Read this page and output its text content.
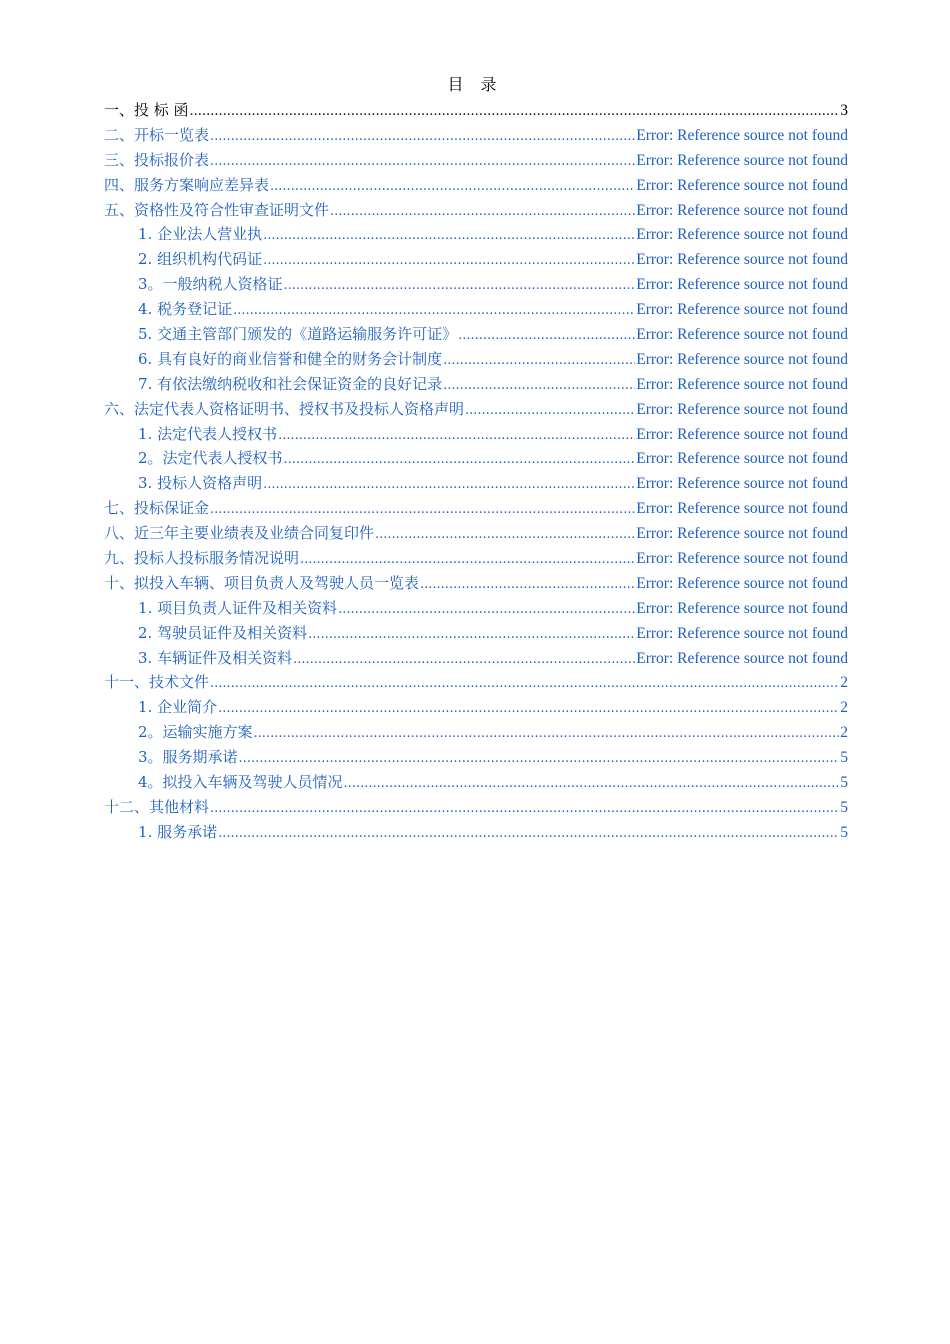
目 录
一、投 标 函 .....	3
二、开标一览表 .....	Error: Reference source not found
三、投标报价表 .....	Error: Reference source not found
四、服务方案响应差异表 .....	Error: Reference source not found
五、资格性及符合性审查证明文件 .....	Error: Reference source not found
1. 企业法人营业执 .....	Error: Reference source not found
2. 组织机构代码证 .....	Error: Reference source not found
3。一般纳税人资格证 .....	Error: Reference source not found
4. 税务登记证 .....	Error: Reference source not found
5. 交通主管部门颁发的《道路运输服务许可证》 .....	Error: Reference source not found
6. 具有良好的商业信誉和健全的财务会计制度 .....	Error: Reference source not found
7. 有依法缴纳税收和社会保证资金的良好记录 .....	Error: Reference source not found
六、法定代表人资格证明书、授权书及投标人资格声明 .....	Error: Reference source not found
1. 法定代表人授权书 .....	Error: Reference source not found
2。法定代表人授权书 .....	Error: Reference source not found
3. 投标人资格声明 .....	Error: Reference source not found
七、投标保证金 .....	Error: Reference source not found
八、近三年主要业绩表及业绩合同复印件 .....	Error: Reference source not found
九、投标人投标服务情况说明 .....	Error: Reference source not found
十、拟投入车辆、项目负责人及驾驶人员一览表 .....	Error: Reference source not found
1. 项目负责人证件及相关资料 .....	Error: Reference source not found
2. 驾驶员证件及相关资料 .....	Error: Reference source not found
3. 车辆证件及相关资料 .....	Error: Reference source not found
十一、技术文件 .....	2
1. 企业简介 .....	2
2。运输实施方案 .....	2
3。服务期承诺 .....	5
4。拟投入车辆及驾驶人员情况 .....	5
十二、其他材料 .....	5
1. 服务承诺 .....	5
